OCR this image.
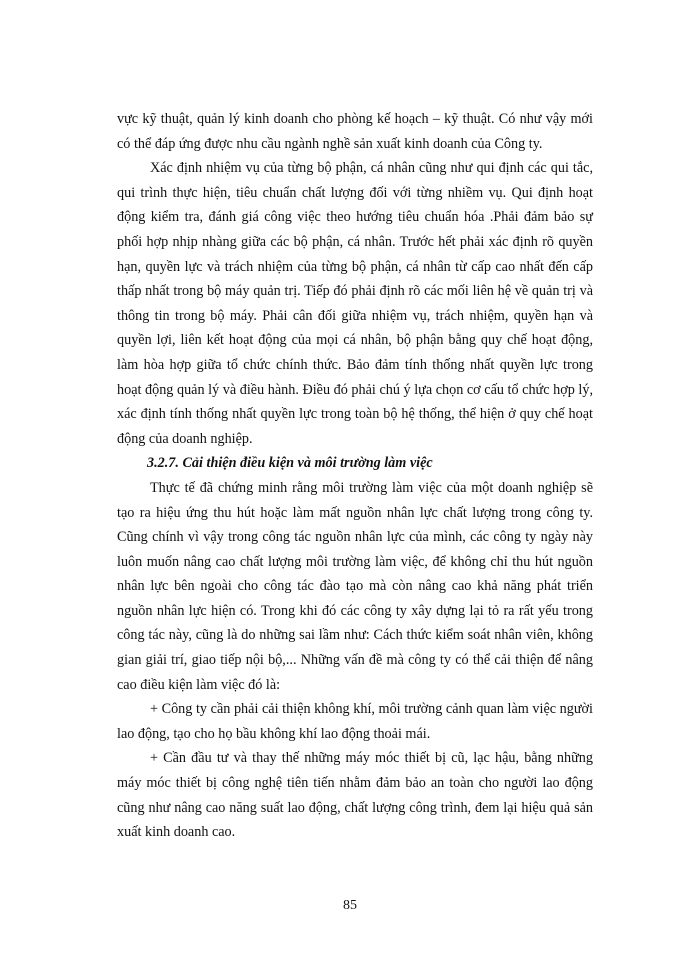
vực kỹ thuật, quản lý kinh doanh cho phòng kế hoạch – kỹ thuật. Có như vậy mới có thể đáp ứng được nhu cầu ngành nghề sản xuất kinh doanh của Công ty.

Xác định nhiệm vụ của từng bộ phận, cá nhân cũng như qui định các qui tắc, qui trình thực hiện, tiêu chuẩn chất lượng đối với từng nhiềm vụ. Qui định hoạt động kiểm tra, đánh giá công việc theo hướng tiêu chuẩn hóa .Phải đảm bảo sự phối hợp nhịp nhàng giữa các bộ phận, cá nhân. Trước hết phải xác định rõ quyền hạn, quyền lực và trách nhiệm của từng bộ phận, cá nhân từ cấp cao nhất đến cấp thấp nhất trong bộ máy quản trị. Tiếp đó phải định rõ các mối liên hệ về quản trị và thông tin trong bộ máy. Phải cân đối giữa nhiệm vụ, trách nhiệm, quyền hạn và quyền lợi, liên kết hoạt động của mọi cá nhân, bộ phận bằng quy chế hoạt động, làm hòa hợp giữa tổ chức chính thức. Bảo đảm tính thống nhất quyền lực trong hoạt động quản lý và điều hành. Điều đó phải chú ý lựa chọn cơ cấu tổ chức hợp lý, xác định tính thống nhất quyền lực trong toàn bộ hệ thống, thể hiện ở quy chế hoạt động của doanh nghiệp.

3.2.7. Cải thiện điều kiện và môi trường làm việc

Thực tế đã chứng minh rằng môi trường làm việc của một doanh nghiệp sẽ tạo ra hiệu ứng thu hút hoặc làm mất nguồn nhân lực chất lượng trong công ty. Cũng chính vì vậy trong công tác nguồn nhân lực của mình, các công ty ngày này luôn muốn nâng cao chất lượng môi trường làm việc, để không chỉ thu hút nguồn nhân lực bên ngoài cho công tác đào tạo mà còn nâng cao khả năng phát triển nguồn nhân lực hiện có. Trong khi đó các công ty xây dựng lại tỏ ra rất yếu trong công tác này, cũng là do những sai lầm như: Cách thức kiểm soát nhân viên, không gian giải trí, giao tiếp nội bộ,... Những vấn đề mà công ty có thể cải thiện để nâng cao điều kiện làm việc đó là:

+ Công ty cần phải cải thiện không khí, môi trường cảnh quan làm việc người lao động, tạo cho họ bầu không khí lao động thoải mái.

+ Cần đầu tư và thay thế những máy móc thiết bị cũ, lạc hậu, bằng những máy móc thiết bị công nghệ tiên tiến nhằm đảm bảo an toàn cho người lao động cũng như nâng cao năng suất lao động, chất lượng công trình, đem lại hiệu quả sản xuất kinh doanh cao.

85
